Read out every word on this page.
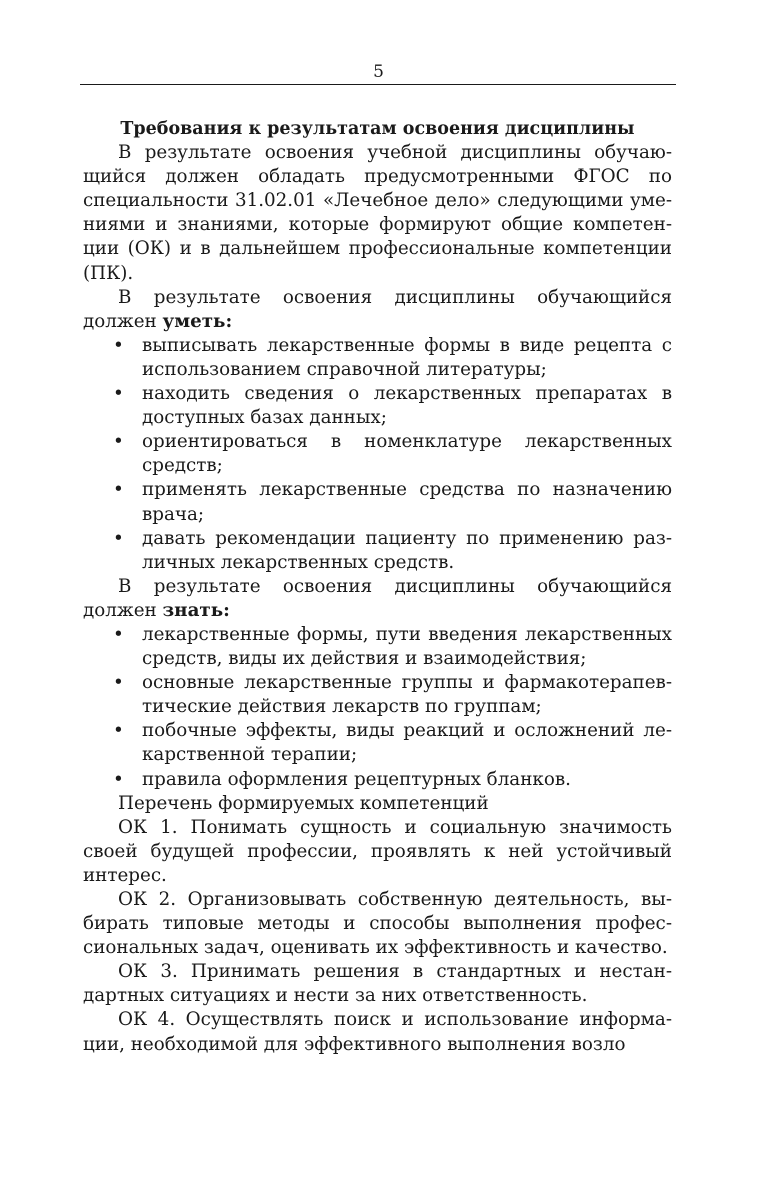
5

Требования к результатам освоения дисциплины

В результате освоения учебной дисциплины обучающийся должен обладать предусмотренными ФГОС по специальности 31.02.01 «Лечебное дело» следующими умениями и знаниями, которые формируют общие компетенции (ОК) и в дальнейшем профессиональные компетенции (ПК).

В результате освоения дисциплины обучающийся должен уметь:

• выписывать лекарственные формы в виде рецепта с использованием справочной литературы;
• находить сведения о лекарственных препаратах в доступных базах данных;
• ориентироваться в номенклатуре лекарственных средств;
• применять лекарственные средства по назначению врача;
• давать рекомендации пациенту по применению различных лекарственных средств.

В результате освоения дисциплины обучающийся должен знать:

• лекарственные формы, пути введения лекарственных средств, виды их действия и взаимодействия;
• основные лекарственные группы и фармакотерапевтические действия лекарств по группам;
• побочные эффекты, виды реакций и осложнений лекарственной терапии;
• правила оформления рецептурных бланков.

Перечень формируемых компетенций

ОК 1. Понимать сущность и социальную значимость своей будущей профессии, проявлять к ней устойчивый интерес.

ОК 2. Организовывать собственную деятельность, выбирать типовые методы и способы выполнения профессиональных задач, оценивать их эффективность и качество.

ОК 3. Принимать решения в стандартных и нестандартных ситуациях и нести за них ответственность.

ОК 4. Осуществлять поиск и использование информации, необходимой для эффективного выполнения возло
